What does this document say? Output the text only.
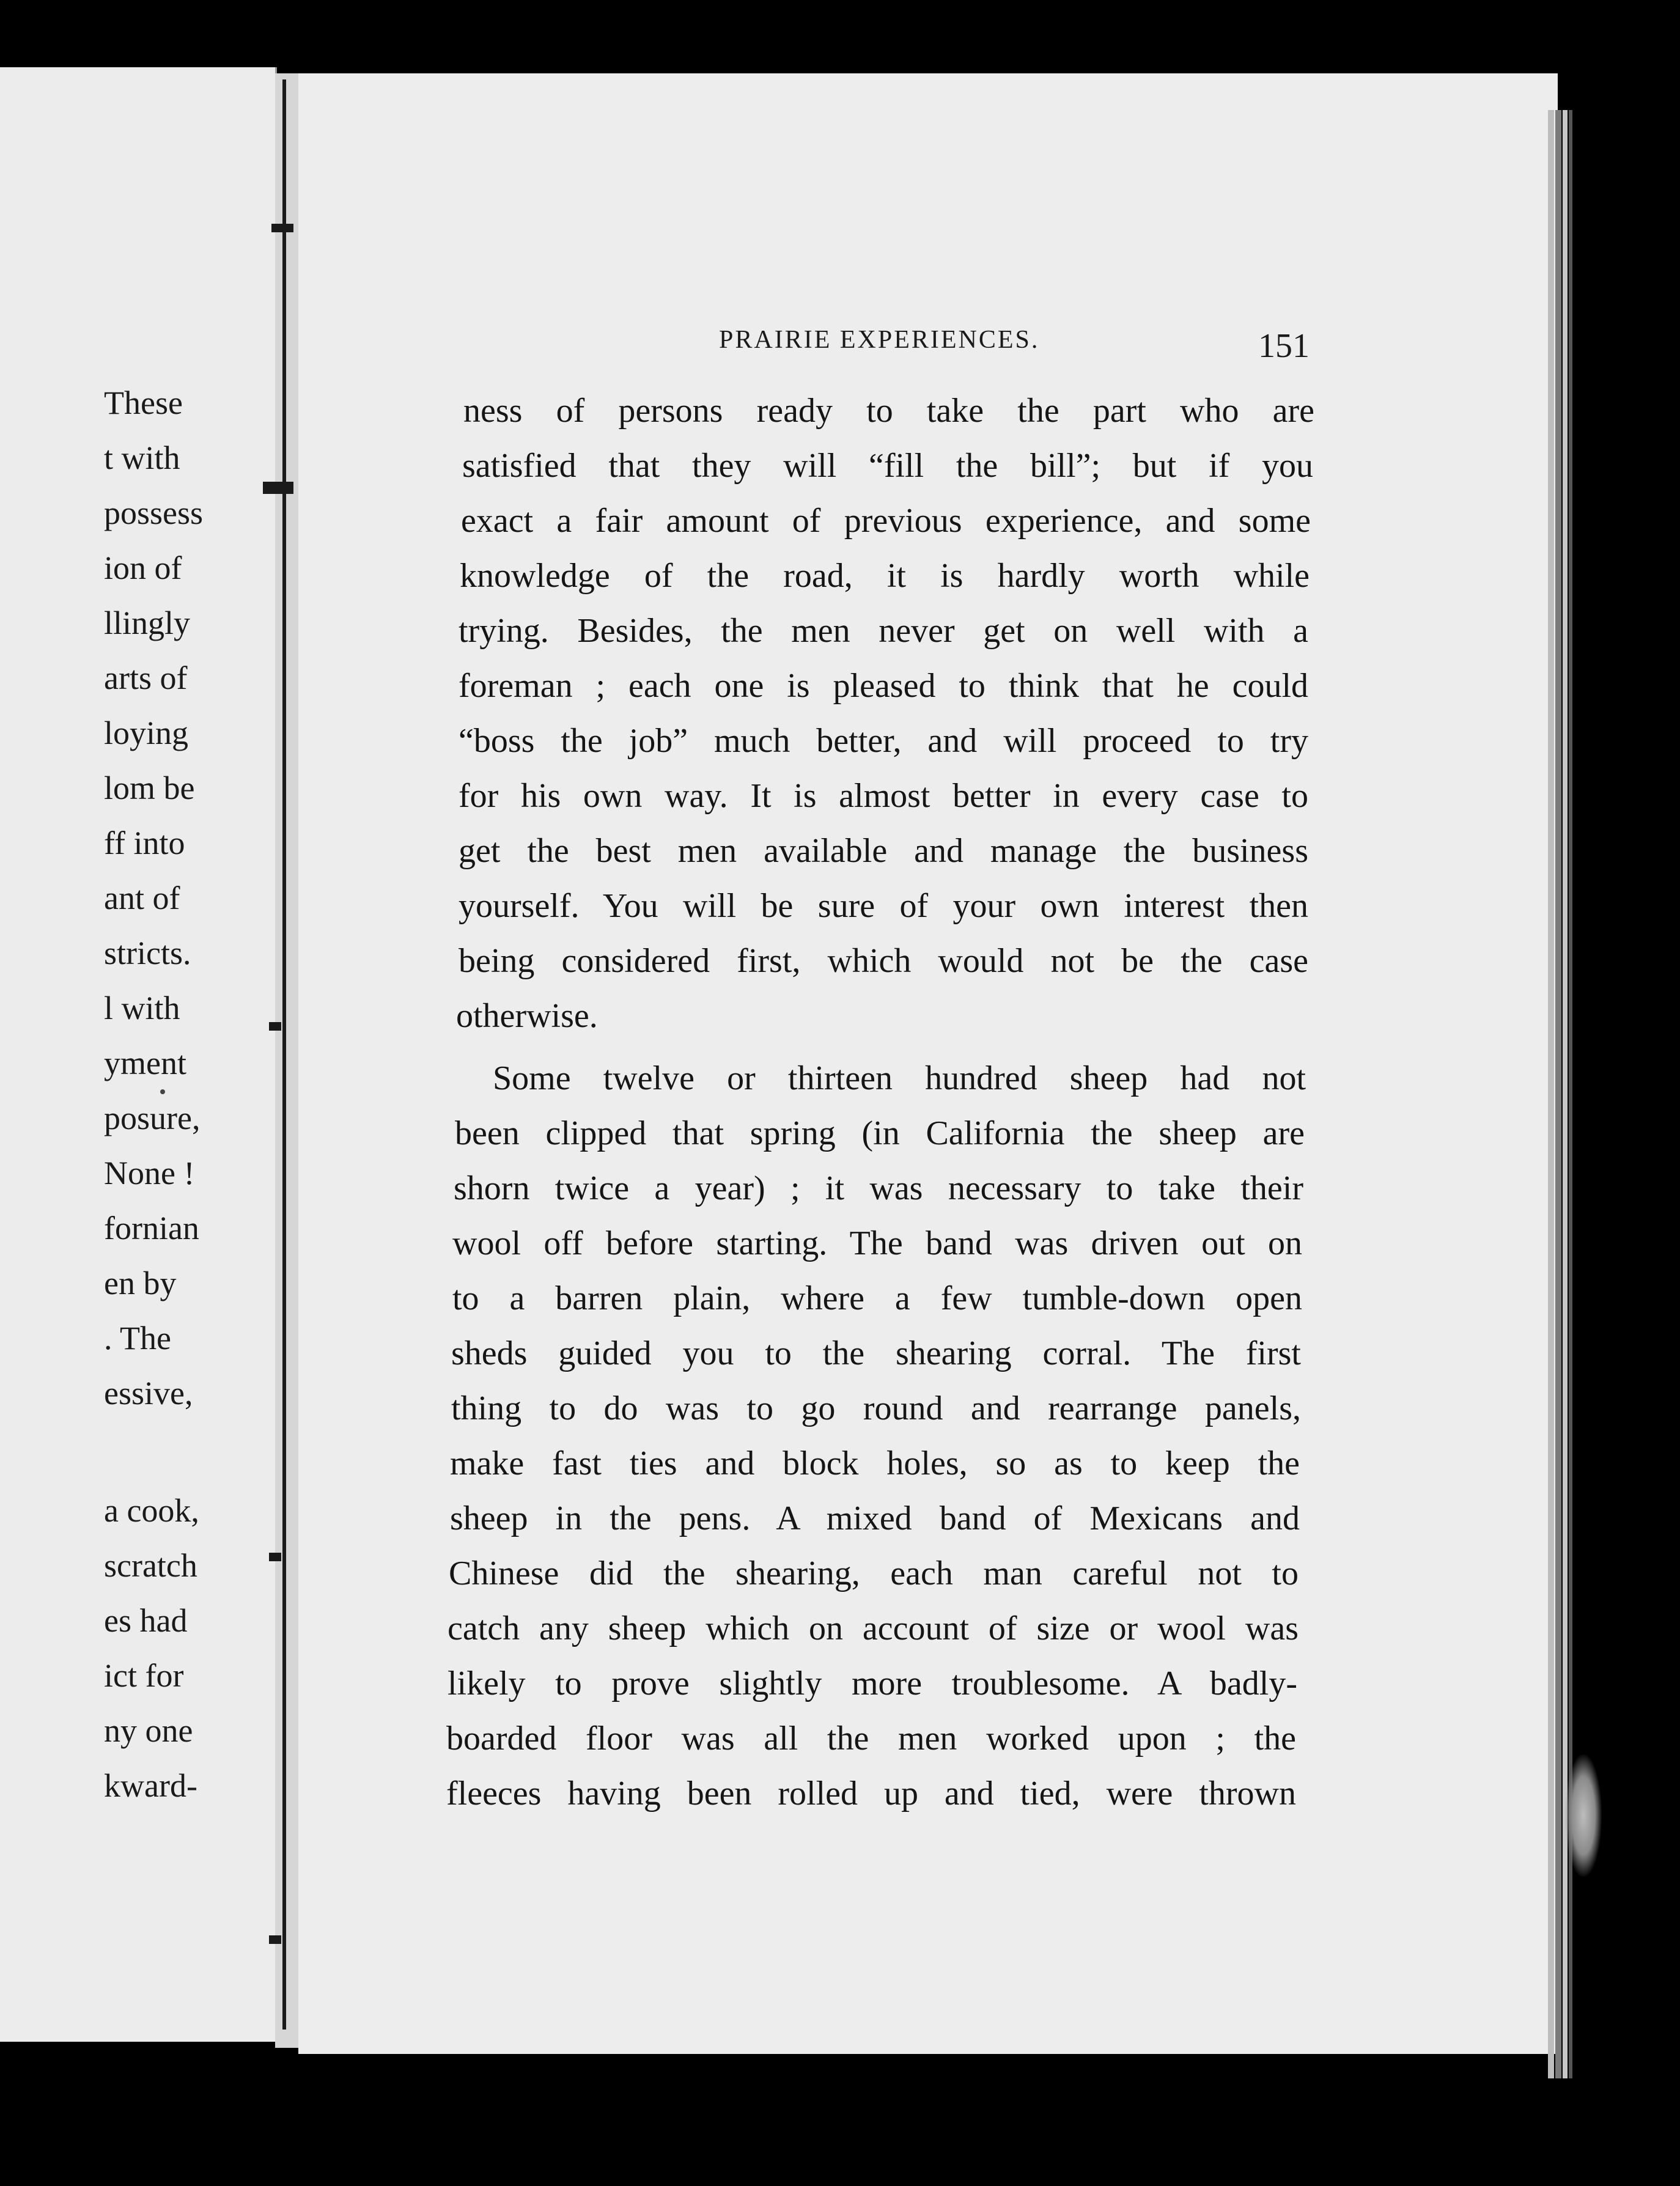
These
t with
possess
ion of
llingly
arts of
loying
lom be
ff into
ant of
stricts.
l with
yment
posure,
None !
fornian
en by
. The
essive,
a cook,
scratch
es had
ict for
ny one
kward-
PRAIRIE EXPERIENCES.	151
ness of persons ready to take the part who are
satisfied that they will “fill the bill”; but if you
exact a fair amount of previous experience, and some
knowledge of the road, it is hardly worth while
trying. Besides, the men never get on well with a
foreman ; each one is pleased to think that he could
“boss the job” much better, and will proceed to try
for his own way. It is almost better in every case to
get the best men available and manage the business
yourself. You will be sure of your own interest then
being considered first, which would not be the case
otherwise.
Some twelve or thirteen hundred sheep had not
been clipped that spring (in California the sheep are
shorn twice a year) ; it was necessary to take their
wool off before starting. The band was driven out on
to a barren plain, where a few tumble-down open
sheds guided you to the shearing corral. The first
thing to do was to go round and rearrange panels,
make fast ties and block holes, so as to keep the
sheep in the pens. A mixed band of Mexicans and
Chinese did the shearing, each man careful not to
catch any sheep which on account of size or wool was
likely to prove slightly more troublesome. A badly-
boarded floor was all the men worked upon ; the
fleeces having been rolled up and tied, were thrown
